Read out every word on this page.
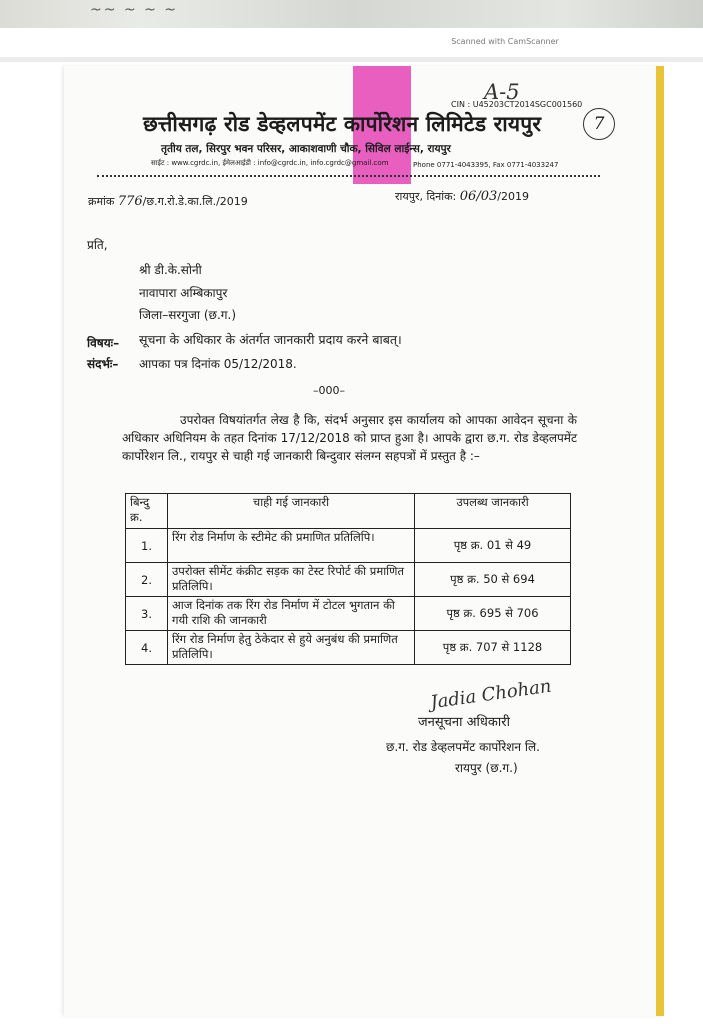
~~ ~ ~ ~
Scanned with CamScanner
A-5
CIN : U45203CT2014SGC001560
छत्तीसगढ़ रोड डेव्हलपमेंट कार्पोरेशन लिमिटेड रायपुर	7
तृतीय तल, सिरपुर भवन परिसर, आकाशवाणी चौक, सिविल लाईन्स, रायपुर
साईट : www.cgrdc.in, ईमेलआईडी : info@cgrdc.in, info.cgrdc@gmail.com	Phone 0771-4043395, Fax 0771-4033247
क्रमांक 776/छ.ग.रो.डे.का.लि./2019	रायपुर, दिनांक: 06/03/2019
प्रति,
श्री डी.के.सोनी
नावापारा अम्बिकापुर
जिला–सरगुजा (छ.ग.)
विषयः– सूचना के अधिकार के अंतर्गत जानकारी प्रदाय करने बाबत्।
संदर्भः– आपका पत्र दिनांक 05/12/2018.
–000–
उपरोक्त विषयांतर्गत लेख है कि, संदर्भ अनुसार इस कार्यालय को आपका आवेदन सूचना के अधिकार अधिनियम के तहत दिनांक 17/12/2018 को प्राप्त हुआ है। आपके द्वारा छ.ग. रोड डेव्हलपमेंट कार्पोरेशन लि., रायपुर से चाही गई जानकारी बिन्दुवार संलग्न सहपत्रों में प्रस्तुत है :–
बिन्दु क्र.	चाही गई जानकारी	उपलब्ध जानकारी
1.	रिंग रोड निर्माण के स्टीमेट की प्रमाणित प्रतिलिपि।	पृष्ठ क्र. 01 से 49
2.	उपरोक्त सीमेंट कंक्रीट सड़क का टेस्ट रिपोर्ट की प्रमाणित प्रतिलिपि।	पृष्ठ क्र. 50 से 694
3.	आज दिनांक तक रिंग रोड निर्माण में टोटल भुगतान की गयी राशि की जानकारी	पृष्ठ क्र. 695 से 706
4.	रिंग रोड निर्माण हेतु ठेकेदार से हुये अनुबंध की प्रमाणित प्रतिलिपि।	पृष्ठ क्र. 707 से 1128
Jadia Chohan
जनसूचना अधिकारी
छ.ग. रोड डेव्हलपमेंट कार्पोरेशन लि.
रायपुर (छ.ग.)
